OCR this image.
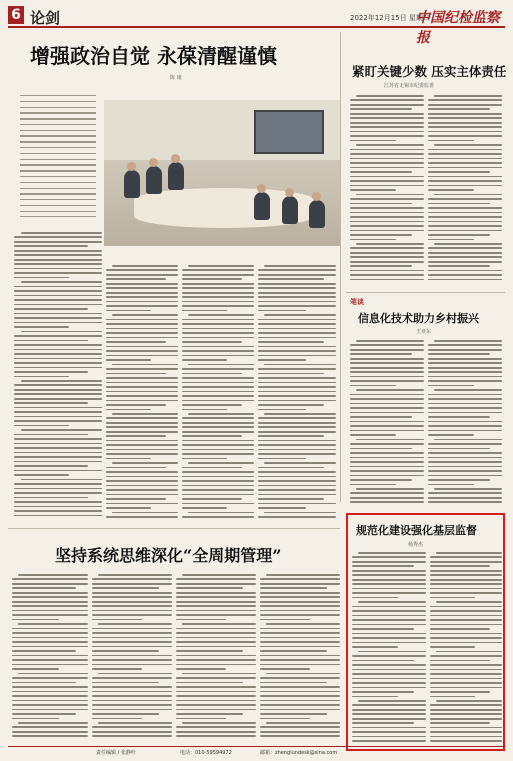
6 论剑	2022年12月15日 星期四
中国纪检监察报
增强政治自觉 永葆清醒谨慎
陈 康	紧盯关键少数 压实主体责任
江苏省无锡市纪委监委
笔谈
信息化技术助力乡村振兴
王亚东
坚持系统思维深化“全周期管理”
规范化建设强化基层监督
杨秀杰
责任编辑 / 张静叶	电话：010-59594972	邮箱：zhenglundesk@sina.com
